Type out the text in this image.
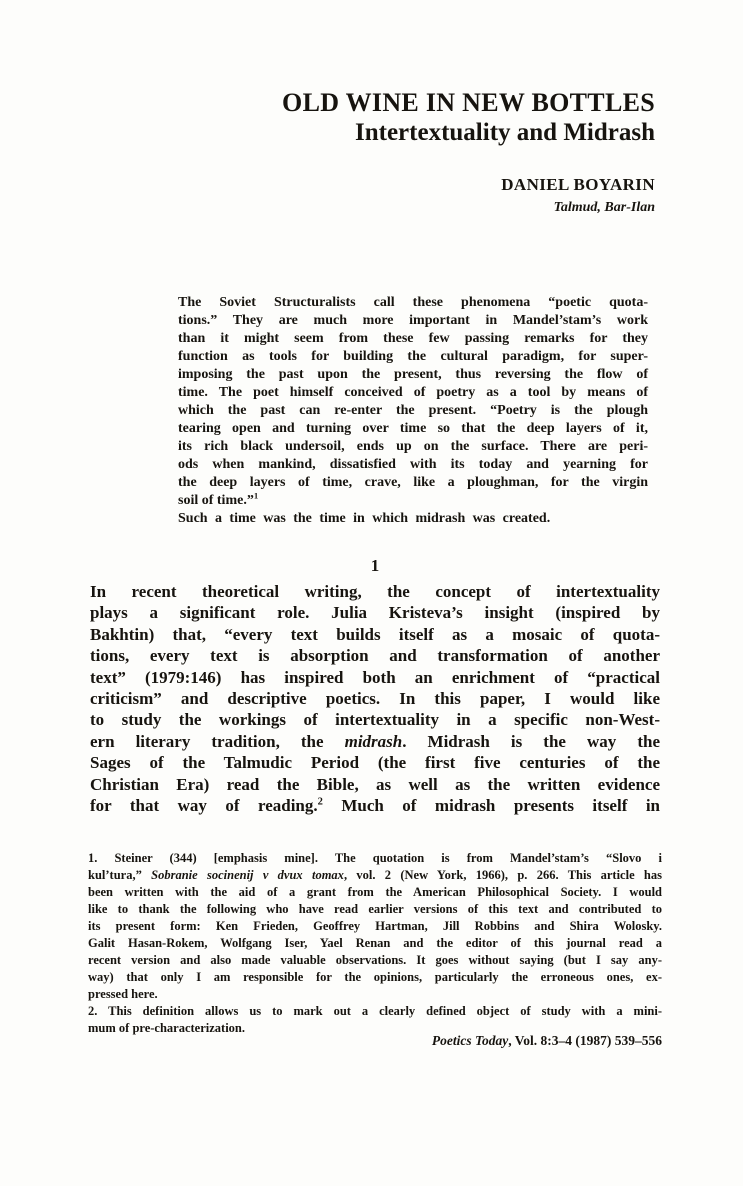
OLD WINE IN NEW BOTTLES
Intertextuality and Midrash
DANIEL BOYARIN
Talmud, Bar-Ilan
The Soviet Structuralists call these phenomena “poetic quota-
tions.” They are much more important in Mandel’stam’s work
than it might seem from these few passing remarks for they
function as tools for building the cultural paradigm, for super-
imposing the past upon the present, thus reversing the flow of
time. The poet himself conceived of poetry as a tool by means of
which the past can re-enter the present. “Poetry is the plough
tearing open and turning over time so that the deep layers of it,
its rich black undersoil, ends up on the surface. There are peri-
ods when mankind, dissatisfied with its today and yearning for
the deep layers of time, crave, like a ploughman, for the virgin
soil of time.”$^1$
Such a time was the time in which midrash was created.
1
In recent theoretical writing, the concept of intertextuality
plays a significant role. Julia Kristeva’s insight (inspired by
Bakhtin) that, “every text builds itself as a mosaic of quota-
tions, every text is absorption and transformation of another
text” (1979:146) has inspired both an enrichment of “practical
criticism” and descriptive poetics. In this paper, I would like
to study the workings of intertextuality in a specific non-West-
ern literary tradition, the midrash. Midrash is the way the
Sages of the Talmudic Period (the first five centuries of the
Christian Era) read the Bible, as well as the written evidence
for that way of reading.$^2$ Much of midrash presents itself in
1. Steiner (344) [emphasis mine]. The quotation is from Mandel’stam’s “Slovo i
kul’tura,” Sobranie socinenij v dvux tomax, vol. 2 (New York, 1966), p. 266. This article has
been written with the aid of a grant from the American Philosophical Society. I would
like to thank the following who have read earlier versions of this text and contributed to
its present form: Ken Frieden, Geoffrey Hartman, Jill Robbins and Shira Wolosky.
Galit Hasan-Rokem, Wolfgang Iser, Yael Renan and the editor of this journal read a
recent version and also made valuable observations. It goes without saying (but I say any-
way) that only I am responsible for the opinions, particularly the erroneous ones, ex-
pressed here.
2. This definition allows us to mark out a clearly defined object of study with a mini-
mum of pre-characterization.
Poetics Today, Vol. 8:3–4 (1987) 539–556
